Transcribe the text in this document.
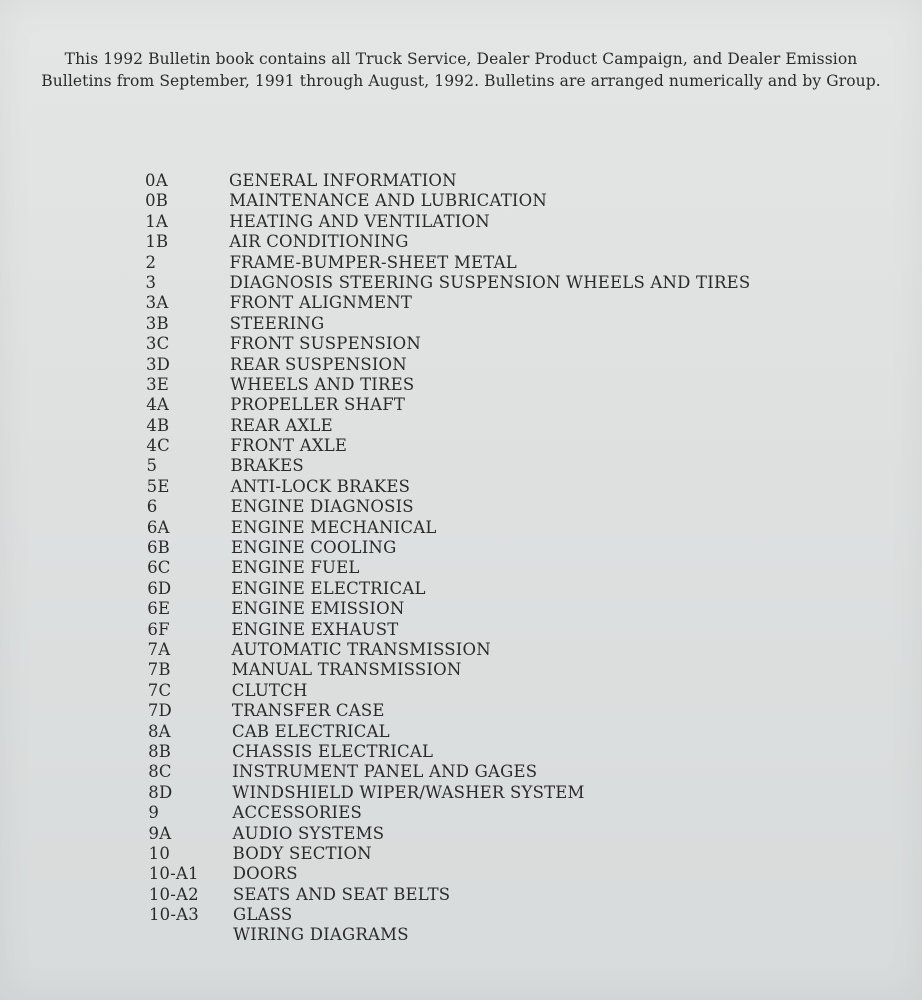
This 1992 Bulletin book contains all Truck Service, Dealer Product Campaign, and Dealer Emission
Bulletins from September, 1991 through August, 1992. Bulletins are arranged numerically and by Group.

0A	GENERAL INFORMATION
0B	MAINTENANCE AND LUBRICATION
1A	HEATING AND VENTILATION
1B	AIR CONDITIONING
2	FRAME-BUMPER-SHEET METAL
3	DIAGNOSIS STEERING SUSPENSION WHEELS AND TIRES
3A	FRONT ALIGNMENT
3B	STEERING
3C	FRONT SUSPENSION
3D	REAR SUSPENSION
3E	WHEELS AND TIRES
4A	PROPELLER SHAFT
4B	REAR AXLE
4C	FRONT AXLE
5	BRAKES
5E	ANTI-LOCK BRAKES
6	ENGINE DIAGNOSIS
6A	ENGINE MECHANICAL
6B	ENGINE COOLING
6C	ENGINE FUEL
6D	ENGINE ELECTRICAL
6E	ENGINE EMISSION
6F	ENGINE EXHAUST
7A	AUTOMATIC TRANSMISSION
7B	MANUAL TRANSMISSION
7C	CLUTCH
7D	TRANSFER CASE
8A	CAB ELECTRICAL
8B	CHASSIS ELECTRICAL
8C	INSTRUMENT PANEL AND GAGES
8D	WINDSHIELD WIPER/WASHER SYSTEM
9	ACCESSORIES
9A	AUDIO SYSTEMS
10	BODY SECTION
10-A1	DOORS
10-A2	SEATS AND SEAT BELTS
10-A3	GLASS
WIRING DIAGRAMS
